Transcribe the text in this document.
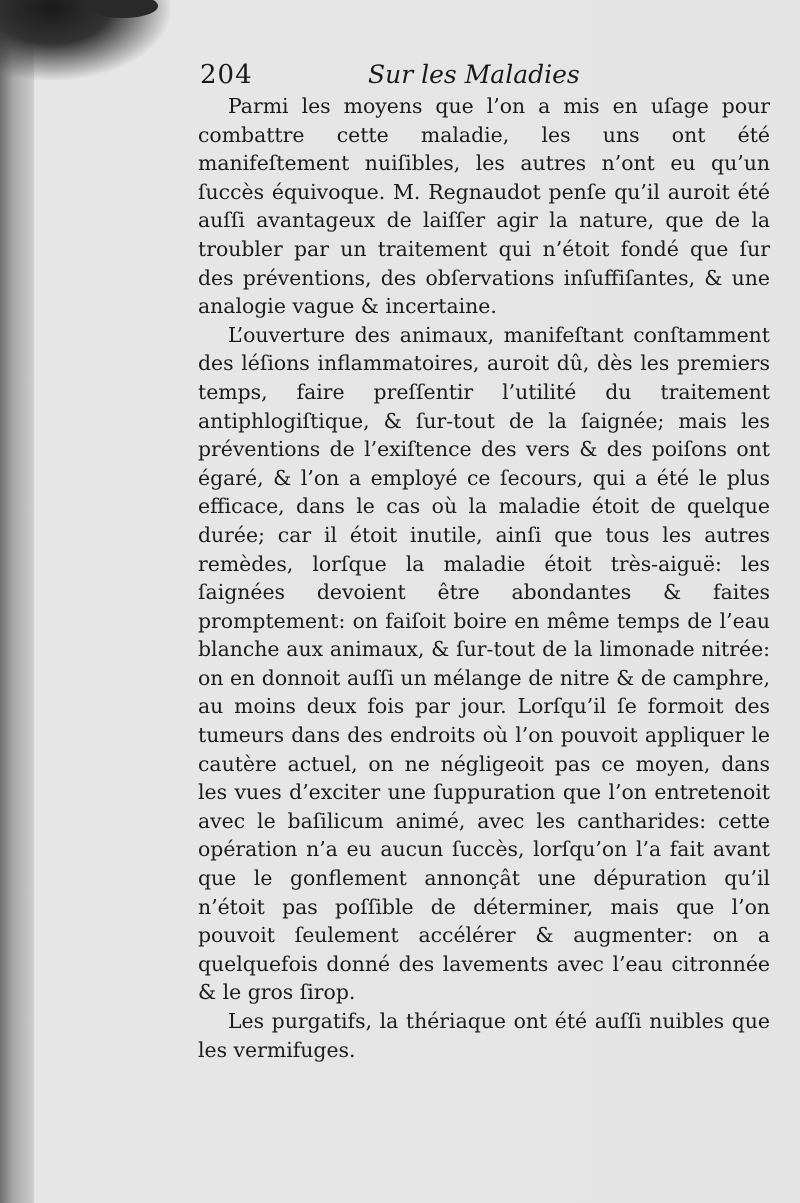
204	Sur les Maladies

Parmi les moyens que l’on a mis en uſage pour combattre cette maladie, les uns ont été manifeſtement nuiſibles, les autres n’ont eu qu’un ſuccès équivoque. M. Regnaudot penſe qu’il auroit été auſſi avantageux de laiſſer agir la nature, que de la troubler par un traitement qui n’étoit fondé que ſur des préventions, des obſervations inſuffiſantes, & une analogie vague & incertaine.

L’ouverture des animaux, manifeſtant conſtamment des léſions inflammatoires, auroit dû, dès les premiers temps, faire preſſentir l’utilité du traitement antiphlogiſtique, & ſur-tout de la ſaignée; mais les préventions de l’exiſtence des vers & des poiſons ont égaré, & l’on a employé ce ſecours, qui a été le plus efficace, dans le cas où la maladie étoit de quelque durée; car il étoit inutile, ainſi que tous les autres remèdes, lorſque la maladie étoit très-aiguë: les ſaignées devoient être abondantes & faites promptement: on faiſoit boire en même temps de l’eau blanche aux animaux, & ſur-tout de la limonade nitrée: on en donnoit auſſi un mélange de nitre & de camphre, au moins deux fois par jour. Lorſqu’il ſe formoit des tumeurs dans des endroits où l’on pouvoit appliquer le cautère actuel, on ne négligeoit pas ce moyen, dans les vues d’exciter une ſuppuration que l’on entretenoit avec le baſilicum animé, avec les cantharides: cette opération n’a eu aucun ſuccès, lorſqu’on l’a fait avant que le gonflement annonçât une dépuration qu’il n’étoit pas poſſible de déterminer, mais que l’on pouvoit ſeulement accélérer & augmenter: on a quelquefois donné des lavements avec l’eau citronnée & le gros ſirop.

Les purgatifs, la thériaque ont été auſſi nuibles que les vermifuges.
